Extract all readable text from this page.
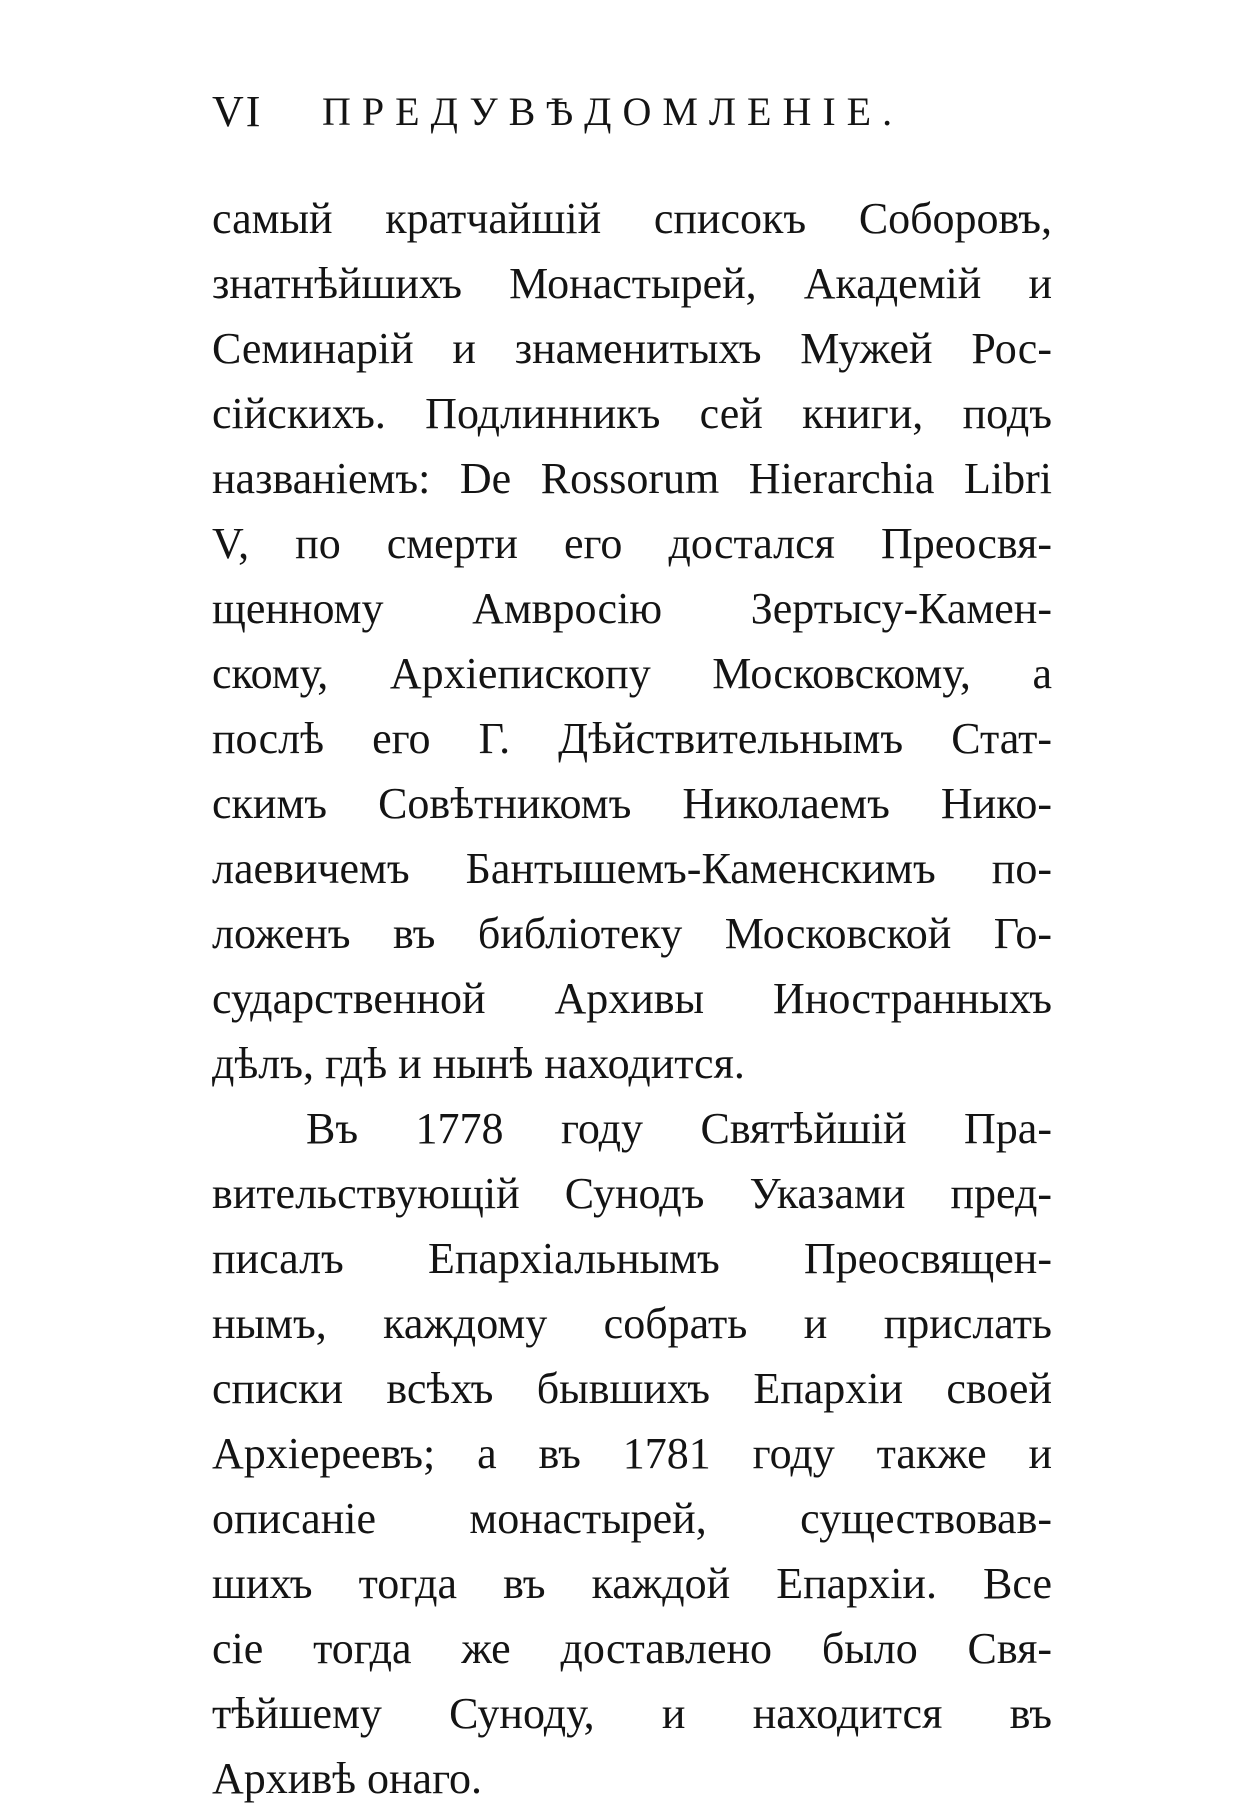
VI ПРЕДУВѢДОМЛЕНІЕ.
самый кратчайшій списокъ Соборовъ,
знатнѣйшихъ Монастырей, Академій и
Семинарій и знаменитыхъ Мужей Рос-
сійскихъ. Подлинникъ сей книги, подъ
названіемъ: De Rossorum Hierarchia Libri
V, по смерти его достался Преосвя-
щенному Амвросію Зертысу-Камен-
скому, Архіепископу Московскому, а
послѣ его Г. Дѣйствительнымъ Стат-
скимъ Совѣтникомъ Николаемъ Нико-
лаевичемъ Бантышемъ-Каменскимъ по-
ложенъ въ библіотеку Московской Го-
сударственной Архивы Иностранныхъ
дѣлъ, гдѣ и нынѣ находится.
Въ 1778 году Святѣйшій Пра-
вительствующій Сунодъ Указами пред-
писалъ Епархіальнымъ Преосвящен-
нымъ, каждому собрать и прислать
списки всѣхъ бывшихъ Епархіи своей
Архіереевъ; а въ 1781 году также и
описаніе монастырей, существовав-
шихъ тогда въ каждой Епархіи. Все
сіе тогда же доставлено было Свя-
тѣйшему Суноду, и находится въ
Архивѣ онаго.
